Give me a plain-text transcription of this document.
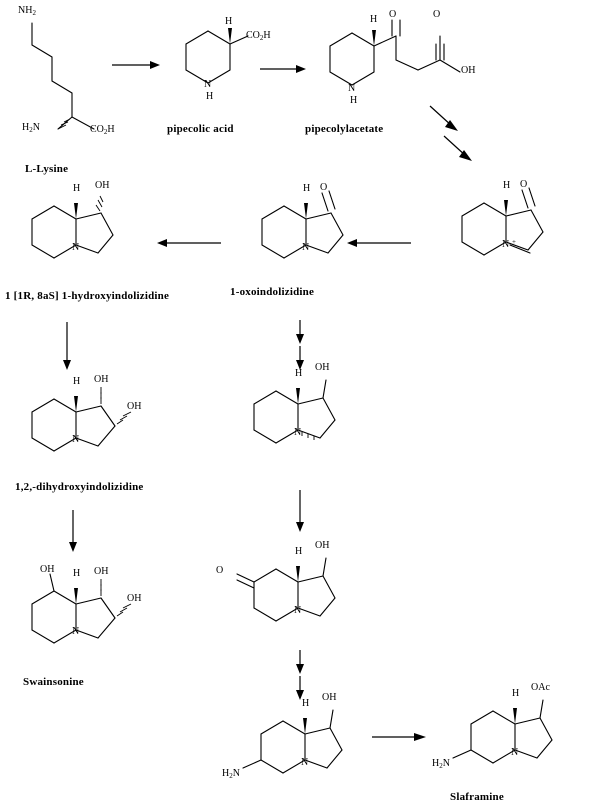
$NH_2$
$H_2N$	$CO_2H$
L-Lysine
H
$CO_2H$
N
H
pipecolic acid
H O	O
OH
N
H
pipecolylacetate
H O
N +
H O
N
1-oxoindolizidine
H OH
N
1 [1R, 8aS] 1-hydroxyindolizidine
H OH
OH
N
1,2,-dihydroxyindolizidine
OH H OH
OH
N
Swainsonine
H
OH
N
O
H
OH
N
$H_2N$
H
OH
N	$H_2N$
H
OAc
N
Slaframine
